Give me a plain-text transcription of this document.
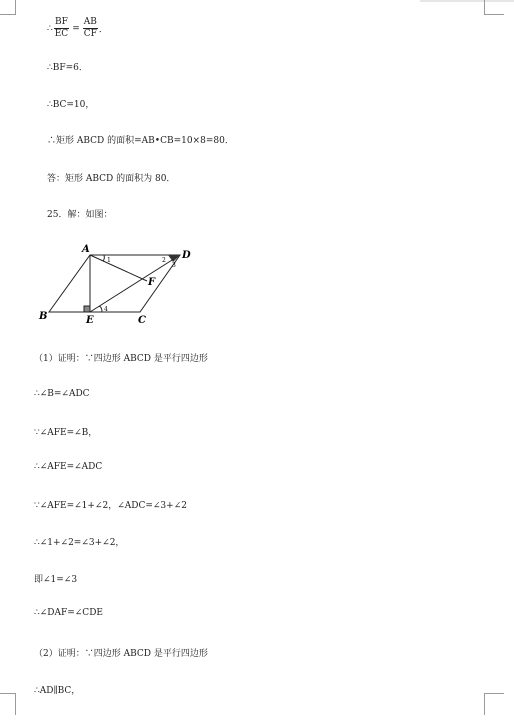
∴ $\frac{BF}{EC} = \frac{AB}{CF}$ ．
∴BF=6．
∴BC=10，
∴矩形 ABCD 的面积=AB•CB=10×8=80．
答：矩形 ABCD 的面积为 80．
25．解：如图：
A
D
B	E	C
F
1	2
3
4
（1）证明：∵四边形 ABCD 是平行四边形
∴∠B=∠ADC
∵∠AFE=∠B，
∴∠AFE=∠ADC
∵∠AFE=∠1+∠2，∠ADC=∠3+∠2
∴∠1+∠2=∠3+∠2，
即∠1=∠3
∴∠DAF=∠CDE
（2）证明：∵四边形 ABCD 是平行四边形
∴AD∥BC，
